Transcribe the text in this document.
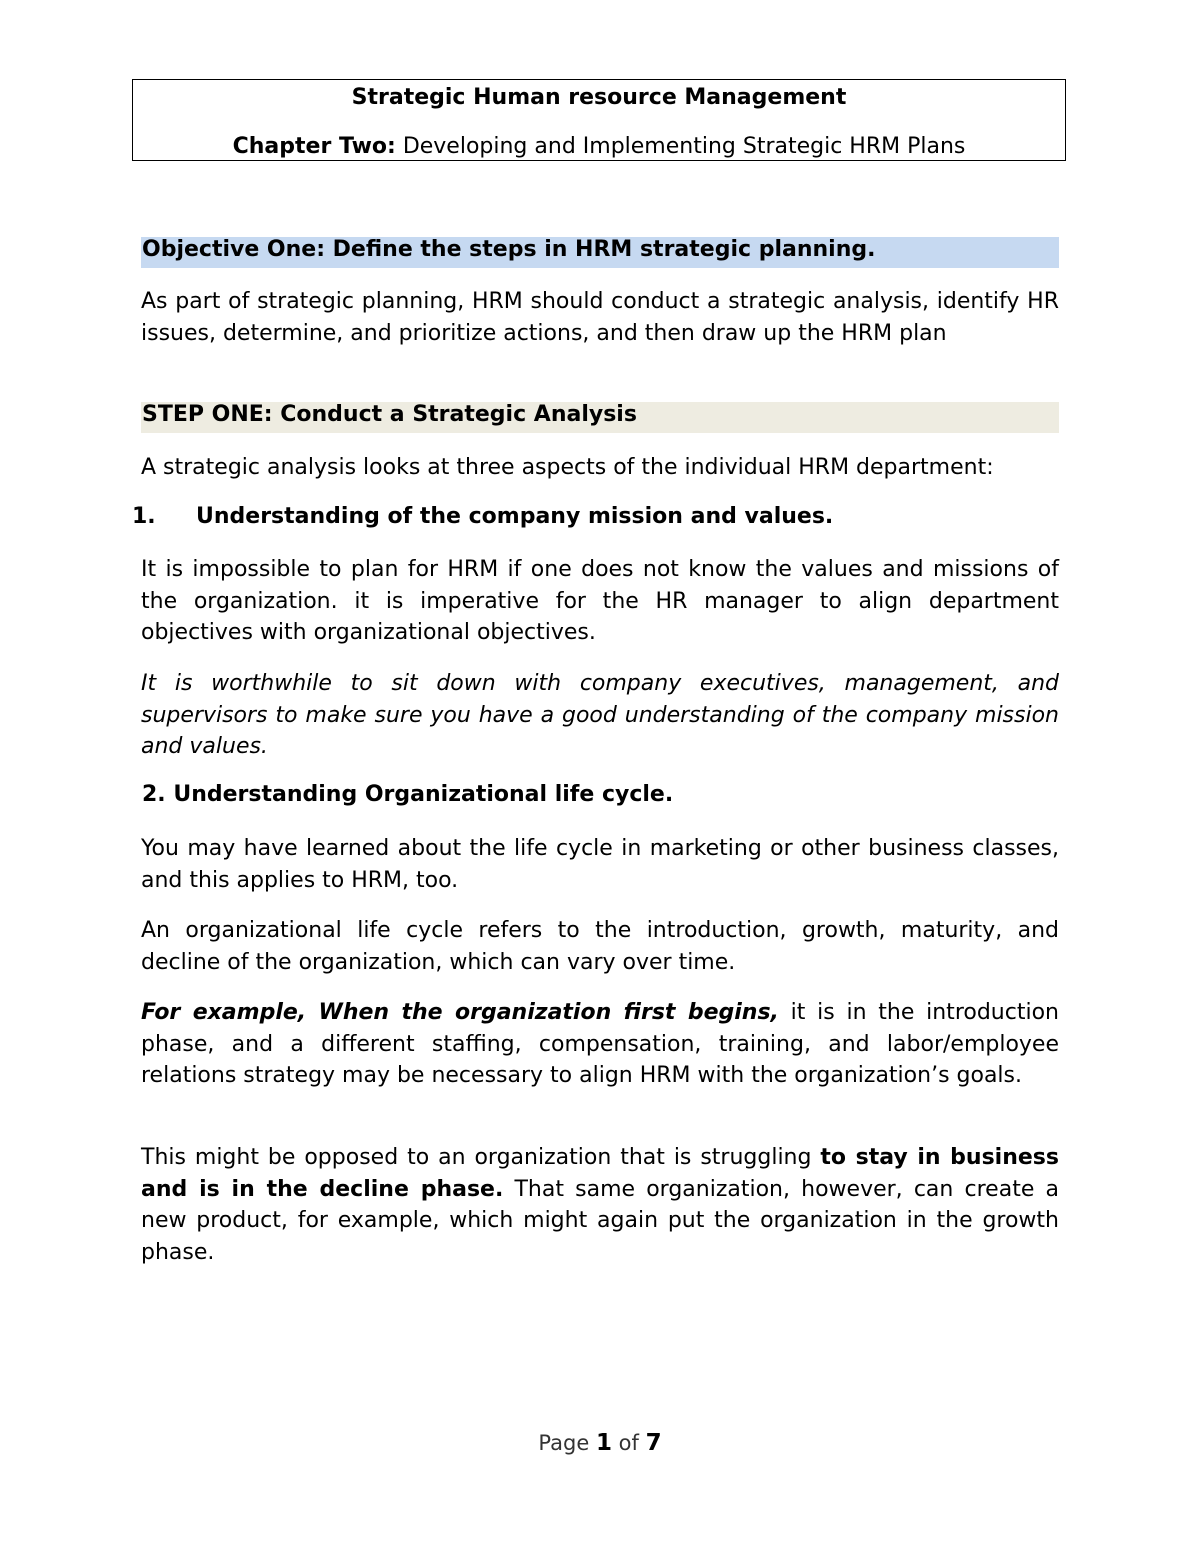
Strategic Human resource Management
Chapter Two: Developing and Implementing Strategic HRM Plans
Objective One: Define the steps in HRM strategic planning.

As part of strategic planning, HRM should conduct a strategic analysis, identify HR issues, determine, and prioritize actions, and then draw up the HRM plan

STEP ONE: Conduct a Strategic Analysis

A strategic analysis looks at three aspects of the individual HRM department:

1. Understanding of the company mission and values.

It is impossible to plan for HRM if one does not know the values and missions of the organization. it is imperative for the HR manager to align department objectives with organizational objectives.

It is worthwhile to sit down with company executives, management, and supervisors to make sure you have a good understanding of the company mission and values.

2. Understanding Organizational life cycle.

You may have learned about the life cycle in marketing or other business classes, and this applies to HRM, too.

An organizational life cycle refers to the introduction, growth, maturity, and decline of the organization, which can vary over time.

For example, When the organization first begins, it is in the introduction phase, and a different staffing, compensation, training, and labor/employee relations strategy may be necessary to align HRM with the organization’s goals.

This might be opposed to an organization that is struggling to stay in business and is in the decline phase. That same organization, however, can create a new product, for example, which might again put the organization in the growth phase.

Page 1 of 7
